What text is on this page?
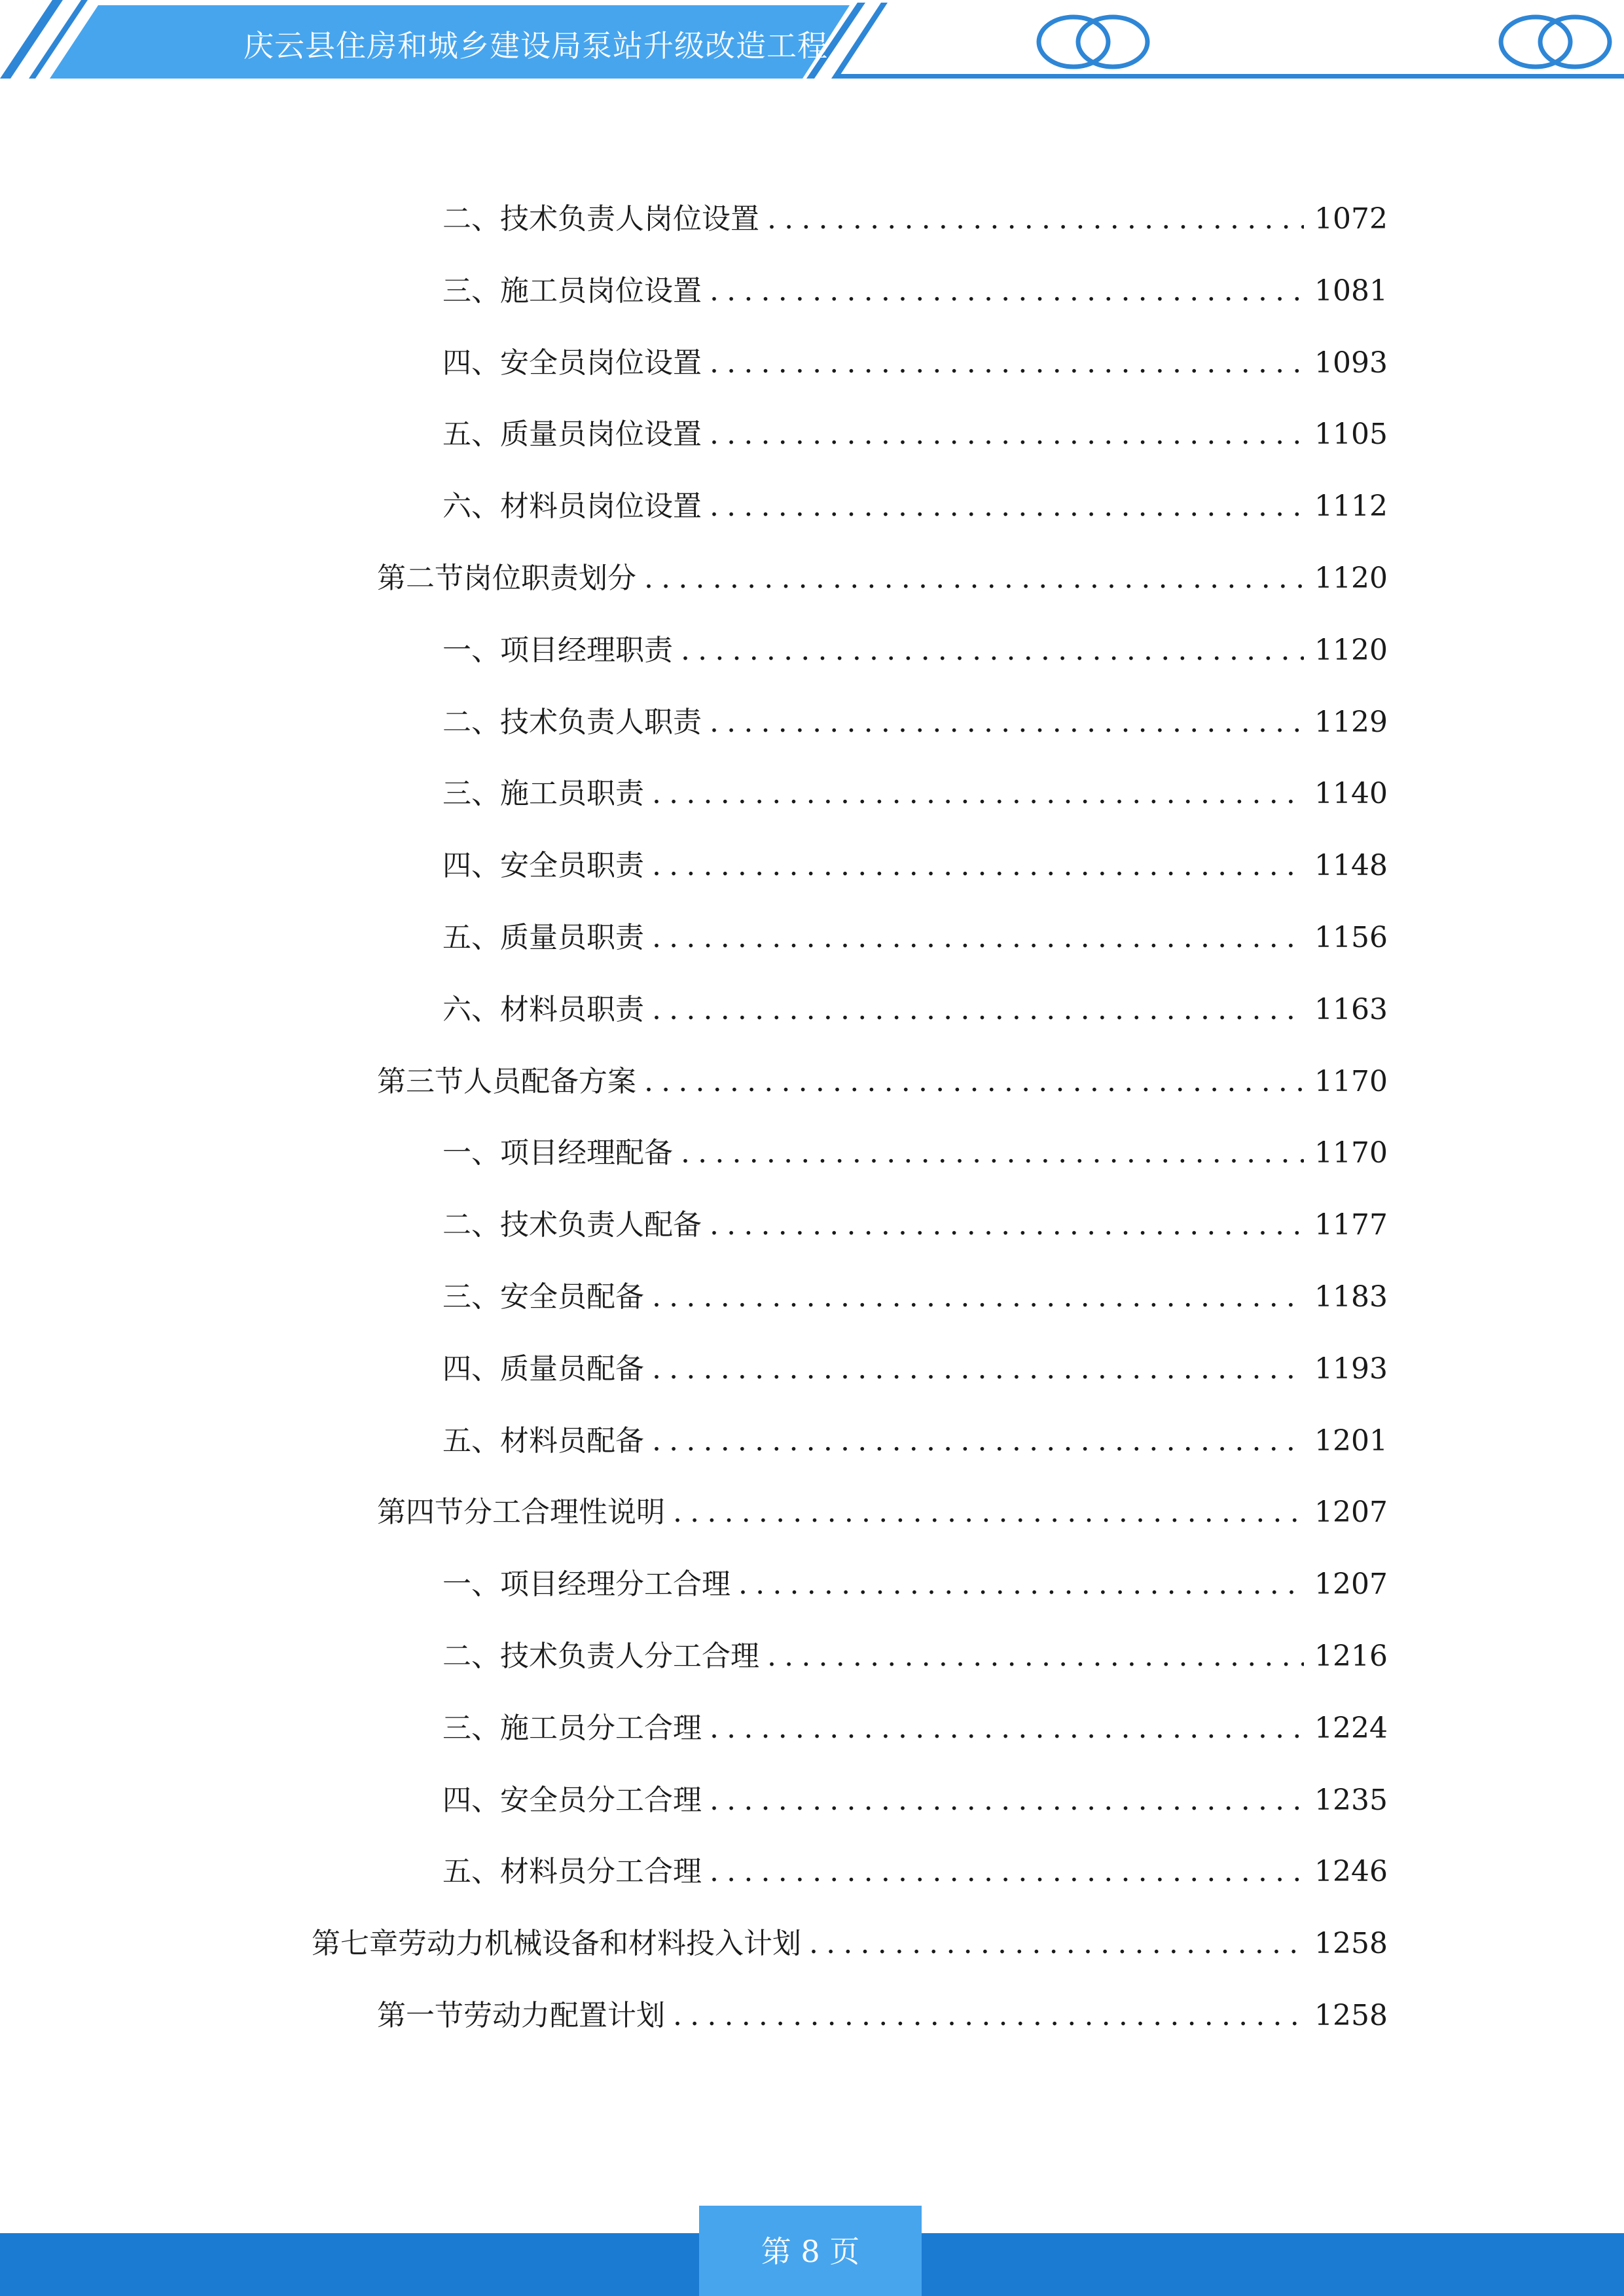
庆云县住房和城乡建设局泵站升级改造工程
二、 技术负责人岗位设置 .....	1072
三、 施工员岗位设置 .....	1081
四、 安全员岗位设置 .....	1093
五、 质量员岗位设置 .....	1105
六、 材料员岗位设置 .....	1112
第二节 岗位职责划分 .....	1120
一、 项目经理职责 .....	1120
二、 技术负责人职责 .....	1129
三、 施工员职责 .....	1140
四、 安全员职责 .....	1148
五、 质量员职责 .....	1156
六、 材料员职责 .....	1163
第三节 人员配备方案 .....	1170
一、 项目经理配备 .....	1170
二、 技术负责人配备 .....	1177
三、 安全员配备 .....	1183
四、 质量员配备 .....	1193
五、 材料员配备 .....	1201
第四节 分工合理性说明 .....	1207
一、 项目经理分工合理 .....	1207
二、 技术负责人分工合理 .....	1216
三、 施工员分工合理 .....	1224
四、 安全员分工合理 .....	1235
五、 材料员分工合理 .....	1246
第七章 劳动力机械设备和材料投入计划 .....	1258
第一节 劳动力配置计划 .....	1258
第 8 页
